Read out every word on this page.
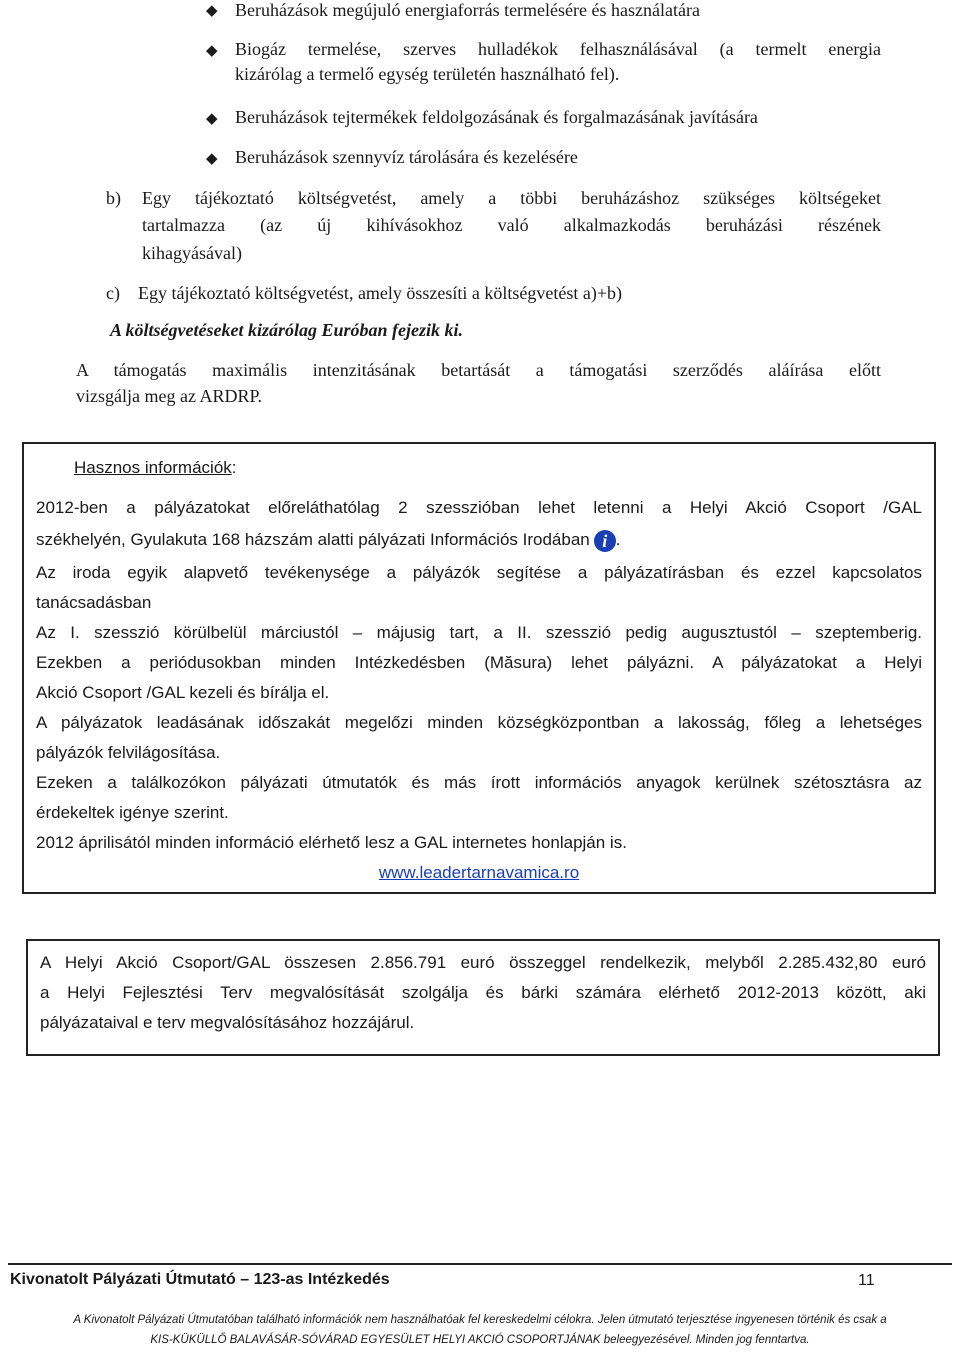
◆ Beruházások megújuló energiaforrás termelésére és használatára
◆ Biogáz termelése, szerves hulladékok felhasználásával (a termelt energia
kizárólag a termelő egység területén használható fel).
◆ Beruházások tejtermékek feldolgozásának és forgalmazásának javítására
◆ Beruházások szennyvíz tárolására és kezelésére
b) Egy tájékoztató költségvetést, amely a többi beruházáshoz szükséges költségeket
tartalmazza (az új kihívásokhoz való alkalmazkodás beruházási részének
kihagyásával)
c) Egy tájékoztató költségvetést, amely összesíti a költségvetést a)+b)
A költségvetéseket kizárólag Euróban fejezik ki.
A támogatás maximális intenzitásának betartását a támogatási szerződés aláírása előtt
vizsgálja meg az ARDRP.
Hasznos információk:
2012-ben a pályázatokat előreláthatólag 2 szesszióban lehet letenni a Helyi Akció Csoport /GAL
székhelyén, Gyulakuta 168 házszám alatti pályázati Információs Irodában i .
Az iroda egyik alapvető tevékenysége a pályázók segítése a pályázatírásban és ezzel kapcsolatos
tanácsadásban
Az I. szesszió körülbelül márciustól – májusig tart, a II. szesszió pedig augusztustól – szeptemberig.
Ezekben a periódusokban minden Intézkedésben (Măsura) lehet pályázni. A pályázatokat a Helyi
Akció Csoport /GAL kezeli és bírálja el.
A pályázatok leadásának időszakát megelőzi minden községközpontban a lakosság, főleg a lehetséges
pályázók felvilágosítása.
Ezeken a találkozókon pályázati útmutatók és más írott információs anyagok kerülnek szétosztásra az
érdekeltek igénye szerint.
2012 áprilisától minden információ elérhető lesz a GAL internetes honlapján is.
www.leadertarnavamica.ro
A Helyi Akció Csoport/GAL összesen 2.856.791 euró összeggel rendelkezik, melyből 2.285.432,80 euró
a Helyi Fejlesztési Terv megvalósítását szolgálja és bárki számára elérhető 2012-2013 között, aki
pályázataival e terv megvalósításához hozzájárul.
Kivonatolt Pályázati Útmutató – 123-as Intézkedés	11
A Kivonatolt Pályázati Útmutatóban található információk nem használhatóak fel kereskedelmi célokra. Jelen útmutató terjesztése ingyenesen történik és csak a
KIS-KÜKÜLLŐ BALAVÁSÁR-SÓVÁRAD EGYESÜLET HELYI AKCIÓ CSOPORTJÁNAK beleegyezésével. Minden jog fenntartva.
